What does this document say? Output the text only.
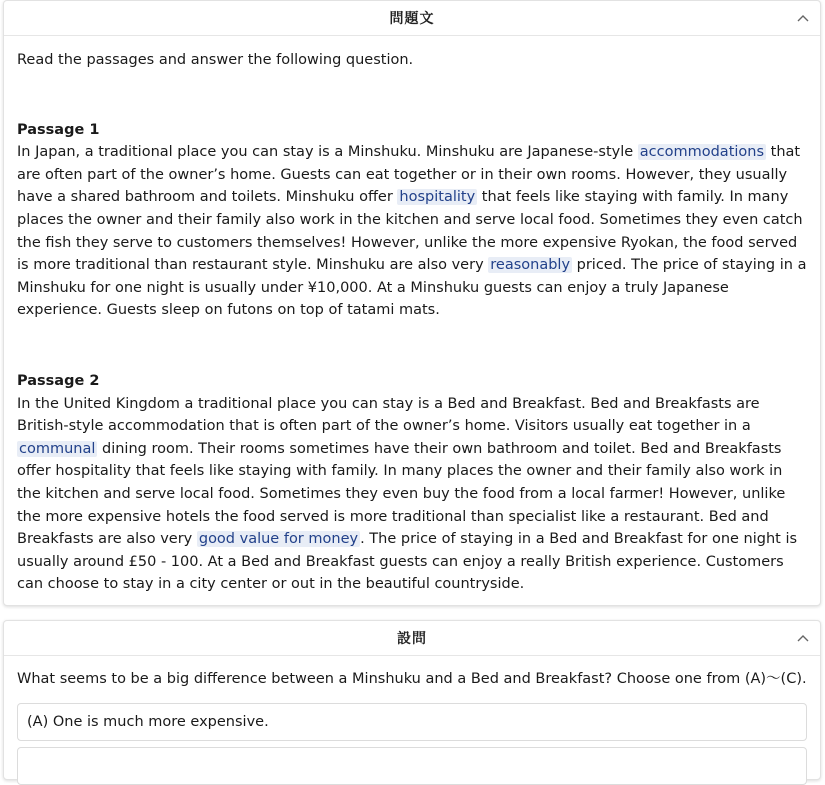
問題文

Read the passages and answer the following question.

Passage 1

In Japan, a traditional place you can stay is a Minshuku. Minshuku are Japanese-style accommodations that are often part of the owner’s home. Guests can eat together or in their own rooms. However, they usually have a shared bathroom and toilets. Minshuku offer hospitality that feels like staying with family. In many places the owner and their family also work in the kitchen and serve local food. Sometimes they even catch the fish they serve to customers themselves! However, unlike the more expensive Ryokan, the food served is more traditional than restaurant style. Minshuku are also very reasonably priced. The price of staying in a Minshuku for one night is usually under ¥10,000. At a Minshuku guests can enjoy a truly Japanese experience. Guests sleep on futons on top of tatami mats.

Passage 2

In the United Kingdom a traditional place you can stay is a Bed and Breakfast. Bed and Breakfasts are British-style accommodation that is often part of the owner’s home. Visitors usually eat together in a communal dining room. Their rooms sometimes have their own bathroom and toilet. Bed and Breakfasts offer hospitality that feels like staying with family. In many places the owner and their family also work in the kitchen and serve local food. Sometimes they even buy the food from a local farmer! However, unlike the more expensive hotels the food served is more traditional than specialist like a restaurant. Bed and Breakfasts are also very good value for money . The price of staying in a Bed and Breakfast for one night is usually around £50 - 100. At a Bed and Breakfast guests can enjoy a really British experience. Customers can choose to stay in a city center or out in the beautiful countryside.

設問

What seems to be a big difference between a Minshuku and a Bed and Breakfast? Choose one from (A)～(C).

(A) One is much more expensive.
